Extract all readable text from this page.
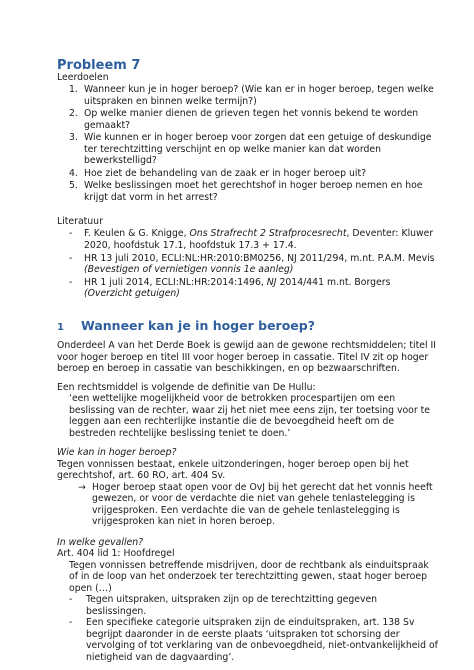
Probleem 7
Leerdoelen
1. Wanneer kun je in hoger beroep? (Wie kan er in hoger beroep, tegen welke
uitspraken en binnen welke termijn?)
2. Op welke manier dienen de grieven tegen het vonnis bekend te worden
gemaakt?
3. Wie kunnen er in hoger beroep voor zorgen dat een getuige of deskundige
ter terechtzitting verschijnt en op welke manier kan dat worden
bewerkstelligd?
4. Hoe ziet de behandeling van de zaak er in hoger beroep uit?
5. Welke beslissingen moet het gerechtshof in hoger beroep nemen en hoe
krijgt dat vorm in het arrest?
Literatuur
- F. Keulen & G. Knigge, Ons Strafrecht 2 Strafprocesrecht, Deventer: Kluwer
2020, hoofdstuk 17.1, hoofdstuk 17.3 + 17.4.
- HR 13 juli 2010, ECLI:NL:HR:2010:BM0256, NJ 2011/294, m.nt. P.A.M. Mevis
(Bevestigen of vernietigen vonnis 1e aanleg)
- HR 1 juli 2014, ECLI:NL:HR:2014:1496, NJ 2014/441 m.nt. Borgers
(Overzicht getuigen)
1 Wanneer kan je in hoger beroep?
Onderdeel A van het Derde Boek is gewijd aan de gewone rechtsmiddelen; titel II
voor hoger beroep en titel III voor hoger beroep in cassatie. Titel IV zit op hoger
beroep en beroep in cassatie van beschikkingen, en op bezwaarschriften.
Een rechtsmiddel is volgende de definitie van De Hullu:
‘een wettelijke mogelijkheid voor de betrokken procespartijen om een
beslissing van de rechter, waar zij het niet mee eens zijn, ter toetsing voor te
leggen aan een rechterlijke instantie die de bevoegdheid heeft om de
bestreden rechtelijke beslissing teniet te doen.’
Wie kan in hoger beroep?
Tegen vonnissen bestaat, enkele uitzonderingen, hoger beroep open bij het
gerechtshof, art. 60 RO, art. 404 Sv.
→ Hoger beroep staat open voor de OvJ bij het gerecht dat het vonnis heeft
gewezen, or voor de verdachte die niet van gehele tenlastelegging is
vrijgesproken. Een verdachte die van de gehele tenlastelegging is
vrijgesproken kan niet in horen beroep.
In welke gevallen?
Art. 404 lid 1: Hoofdregel
Tegen vonnissen betreffende misdrijven, door de rechtbank als einduitspraak
of in de loop van het onderzoek ter terechtzitting gewen, staat hoger beroep
open (…)
- Tegen uitspraken, uitspraken zijn op de terechtzitting gegeven
beslissingen.
- Een specifieke categorie uitspraken zijn de einduitspraken, art. 138 Sv
begrijpt daaronder in de eerste plaats ‘uitspraken tot schorsing der
vervolging of tot verklaring van de onbevoegdheid, niet-ontvankelijkheid of
nietigheid van de dagvaarding’.
